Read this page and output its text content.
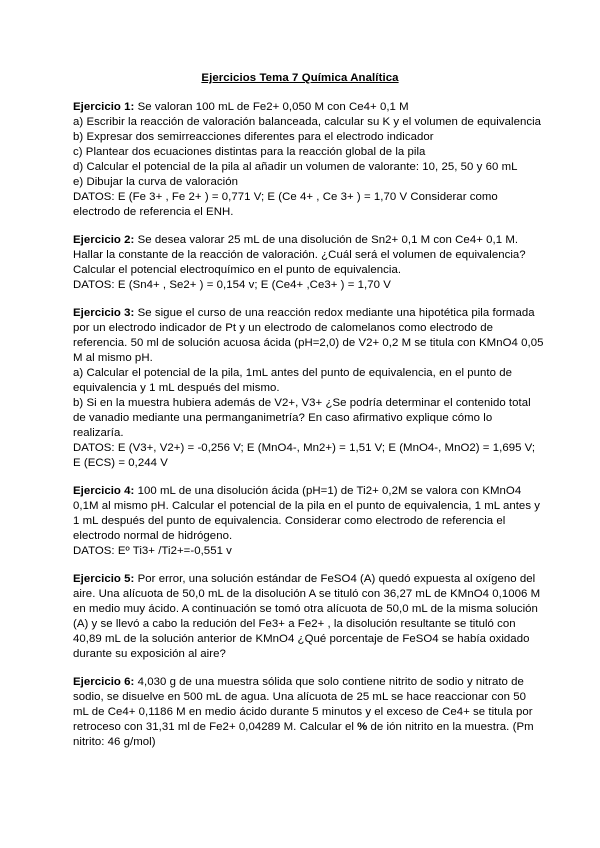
Ejercicios Tema 7 Química Analítica
Ejercicio 1: Se valoran 100 mL de Fe2+ 0,050 M con Ce4+ 0,1 M
a) Escribir la reacción de valoración balanceada, calcular su K y el volumen de equivalencia
b) Expresar dos semirreacciones diferentes para el electrodo indicador
c) Plantear dos ecuaciones distintas para la reacción global de la pila
d) Calcular el potencial de la pila al añadir un volumen de valorante: 10, 25, 50 y 60 mL
e) Dibujar la curva de valoración
DATOS: E (Fe 3+ , Fe 2+ ) = 0,771 V; E (Ce 4+ , Ce 3+ ) = 1,70 V Considerar como
electrodo de referencia el ENH.
Ejercicio 2: Se desea valorar 25 mL de una disolución de Sn2+ 0,1 M con Ce4+ 0,1 M.
Hallar la constante de la reacción de valoración. ¿Cuál será el volumen de equivalencia?
Calcular el potencial electroquímico en el punto de equivalencia.
DATOS: E (Sn4+ , Se2+ ) = 0,154 v; E (Ce4+ ,Ce3+ ) = 1,70 V
Ejercicio 3: Se sigue el curso de una reacción redox mediante una hipotética pila formada
por un electrodo indicador de Pt y un electrodo de calomelanos como electrodo de
referencia. 50 ml de solución acuosa ácida (pH=2,0) de V2+ 0,2 M se titula con KMnO4 0,05
M al mismo pH.
a) Calcular el potencial de la pila, 1mL antes del punto de equivalencia, en el punto de
equivalencia y 1 mL después del mismo.
b) Si en la muestra hubiera además de V2+, V3+ ¿Se podría determinar el contenido total
de vanadio mediante una permanganimetría? En caso afirmativo explique cómo lo
realizaría.
DATOS: E (V3+, V2+) = -0,256 V; E (MnO4-, Mn2+) = 1,51 V; E (MnO4-, MnO2) = 1,695 V;
E (ECS) = 0,244 V
Ejercicio 4: 100 mL de una disolución ácida (pH=1) de Ti2+ 0,2M se valora con KMnO4
0,1M al mismo pH. Calcular el potencial de la pila en el punto de equivalencia, 1 mL antes y
1 mL después del punto de equivalencia. Considerar como electrodo de referencia el
electrodo normal de hidrógeno.
DATOS: Eº Ti3+ /Ti2+=-0,551 v
Ejercicio 5: Por error, una solución estándar de FeSO4 (A) quedó expuesta al oxígeno del
aire. Una alícuota de 50,0 mL de la disolución A se tituló con 36,27 mL de KMnO4 0,1006 M
en medio muy ácido. A continuación se tomó otra alícuota de 50,0 mL de la misma solución
(A) y se llevó a cabo la redución del Fe3+ a Fe2+ , la disolución resultante se tituló con
40,89 mL de la solución anterior de KMnO4 ¿Qué porcentaje de FeSO4 se había oxidado
durante su exposición al aire?
Ejercicio 6: 4,030 g de una muestra sólida que solo contiene nitrito de sodio y nitrato de
sodio, se disuelve en 500 mL de agua. Una alícuota de 25 mL se hace reaccionar con 50
mL de Ce4+ 0,1186 M en medio ácido durante 5 minutos y el exceso de Ce4+ se titula por
retroceso con 31,31 ml de Fe2+ 0,04289 M. Calcular el % de ión nitrito en la muestra. (Pm
nitrito: 46 g/mol)
